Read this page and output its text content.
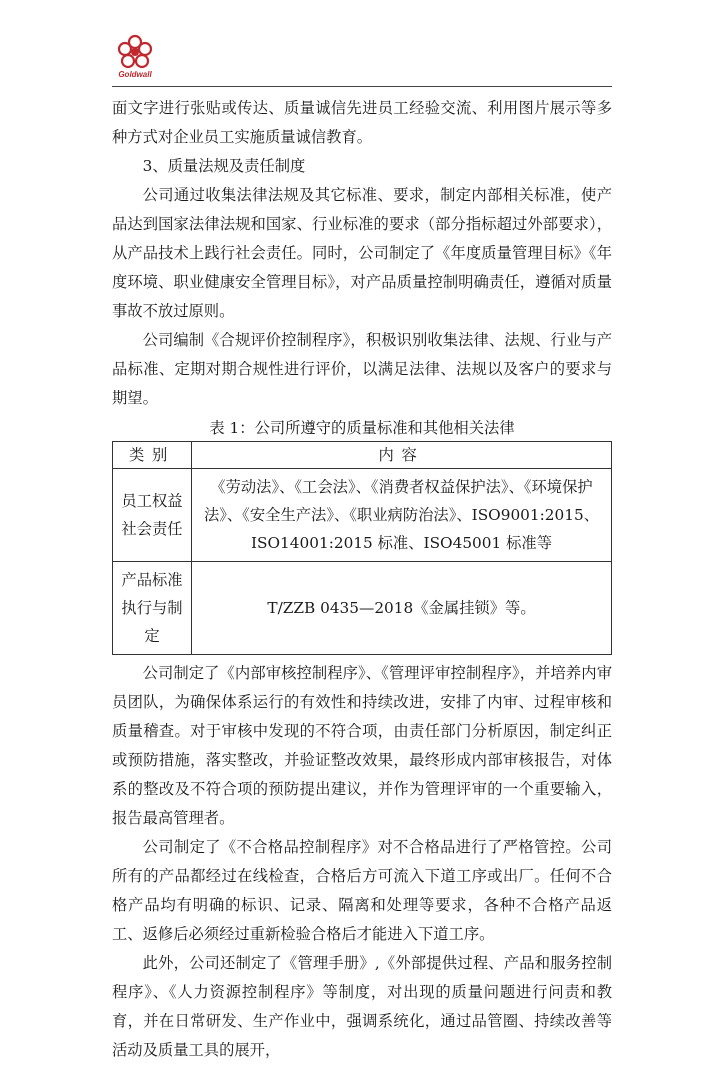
Goldwall

面文字进行张贴或传达、质量诚信先进员工经验交流、利用图片展示等多种方式对企业员工实施质量诚信教育。

3、质量法规及责任制度

公司通过收集法律法规及其它标准、要求，制定内部相关标准，使产品达到国家法律法规和国家、行业标准的要求（部分指标超过外部要求），从产品技术上践行社会责任。同时，公司制定了《年度质量管理目标》《年度环境、职业健康安全管理目标》，对产品质量控制明确责任，遵循对质量事故不放过原则。

公司编制《合规评价控制程序》，积极识别收集法律、法规、行业与产品标准、定期对期合规性进行评价，以满足法律、法规以及客户的要求与期望。

表 1：公司所遵守的质量标准和其他相关法律
类别	内容
员工权益社会责任	《劳动法》、《工会法》、《消费者权益保护法》、《环境保护法》、《安全生产法》、《职业病防治法》、ISO9001:2015、ISO14001:2015 标准、ISO45001 标准等
产品标准执行与制定	T/ZZB 0435—2018《金属挂锁》等。

公司制定了《内部审核控制程序》、《管理评审控制程序》，并培养内审员团队，为确保体系运行的有效性和持续改进，安排了内审、过程审核和质量稽查。对于审核中发现的不符合项，由责任部门分析原因，制定纠正或预防措施，落实整改，并验证整改效果，最终形成内部审核报告，对体系的整改及不符合项的预防提出建议，并作为管理评审的一个重要输入，报告最高管理者。

公司制定了《不合格品控制程序》对不合格品进行了严格管控。公司所有的产品都经过在线检查，合格后方可流入下道工序或出厂。任何不合格产品均有明确的标识、记录、隔离和处理等要求，各种不合格产品返工、返修后必须经过重新检验合格后才能进入下道工序。

此外，公司还制定了《管理手册》,《外部提供过程、产品和服务控制程序》、《人力资源控制程序》等制度，对出现的质量问题进行问责和教育，并在日常研发、生产作业中，强调系统化，通过品管圈、持续改善等活动及质量工具的展开，
